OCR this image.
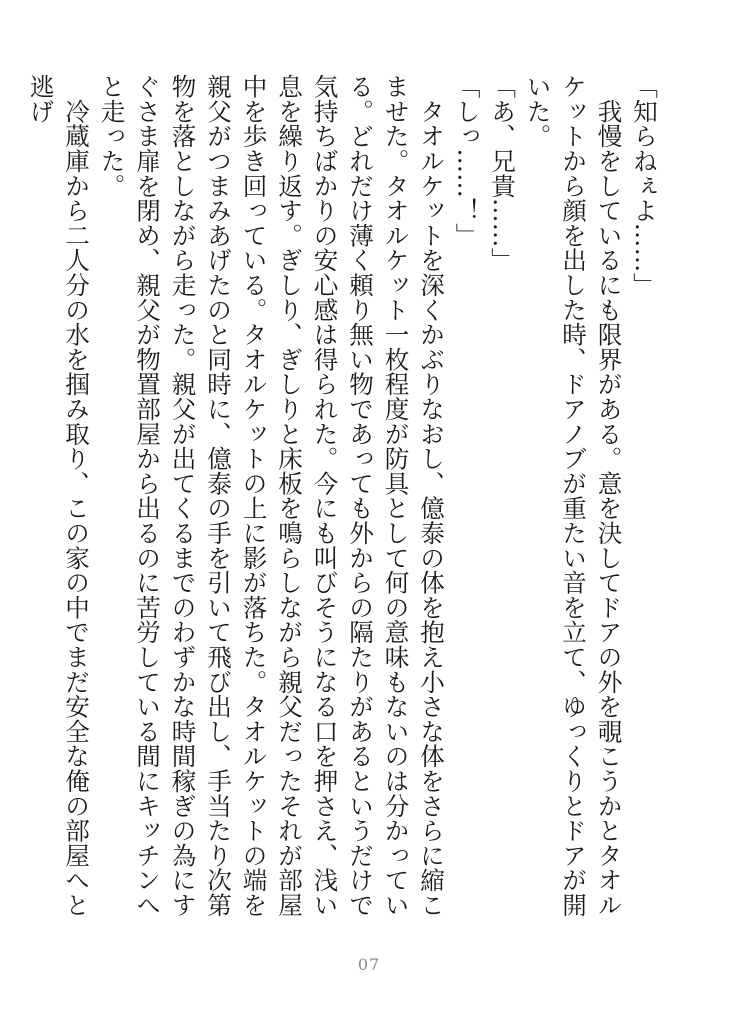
「知らねぇよ……」

　我慢をしているにも限界がある。意を決してドアの外を覗こうかとタオルケットから顔を出した時、ドアノブが重たい音を立て、ゆっくりとドアが開いた。

「あ、兄貴……」

「しっ……！」

　タオルケットを深くかぶりなおし、億泰の体を抱え小さな体をさらに縮こませた。タオルケット一枚程度が防具として何の意味もないのは分かっている。どれだけ薄く頼り無い物であっても外からの隔たりがあるというだけで気持ちばかりの安心感は得られた。今にも叫びそうになる口を押さえ、浅い息を繰り返す。ぎしり、ぎしりと床板を鳴らしながら親父だったそれが部屋中を歩き回っている。タオルケットの上に影が落ちた。タオルケットの端を親父がつまみあげたのと同時に、億泰の手を引いて飛び出し、手当たり次第物を落としながら走った。親父が出てくるまでのわずかな時間稼ぎの為にすぐさま扉を閉め、親父が物置部屋から出るのに苦労している間にキッチンへと走った。

　冷蔵庫から二人分の水を掴み取り、この家の中でまだ安全な俺の部屋へと逃げ

07
